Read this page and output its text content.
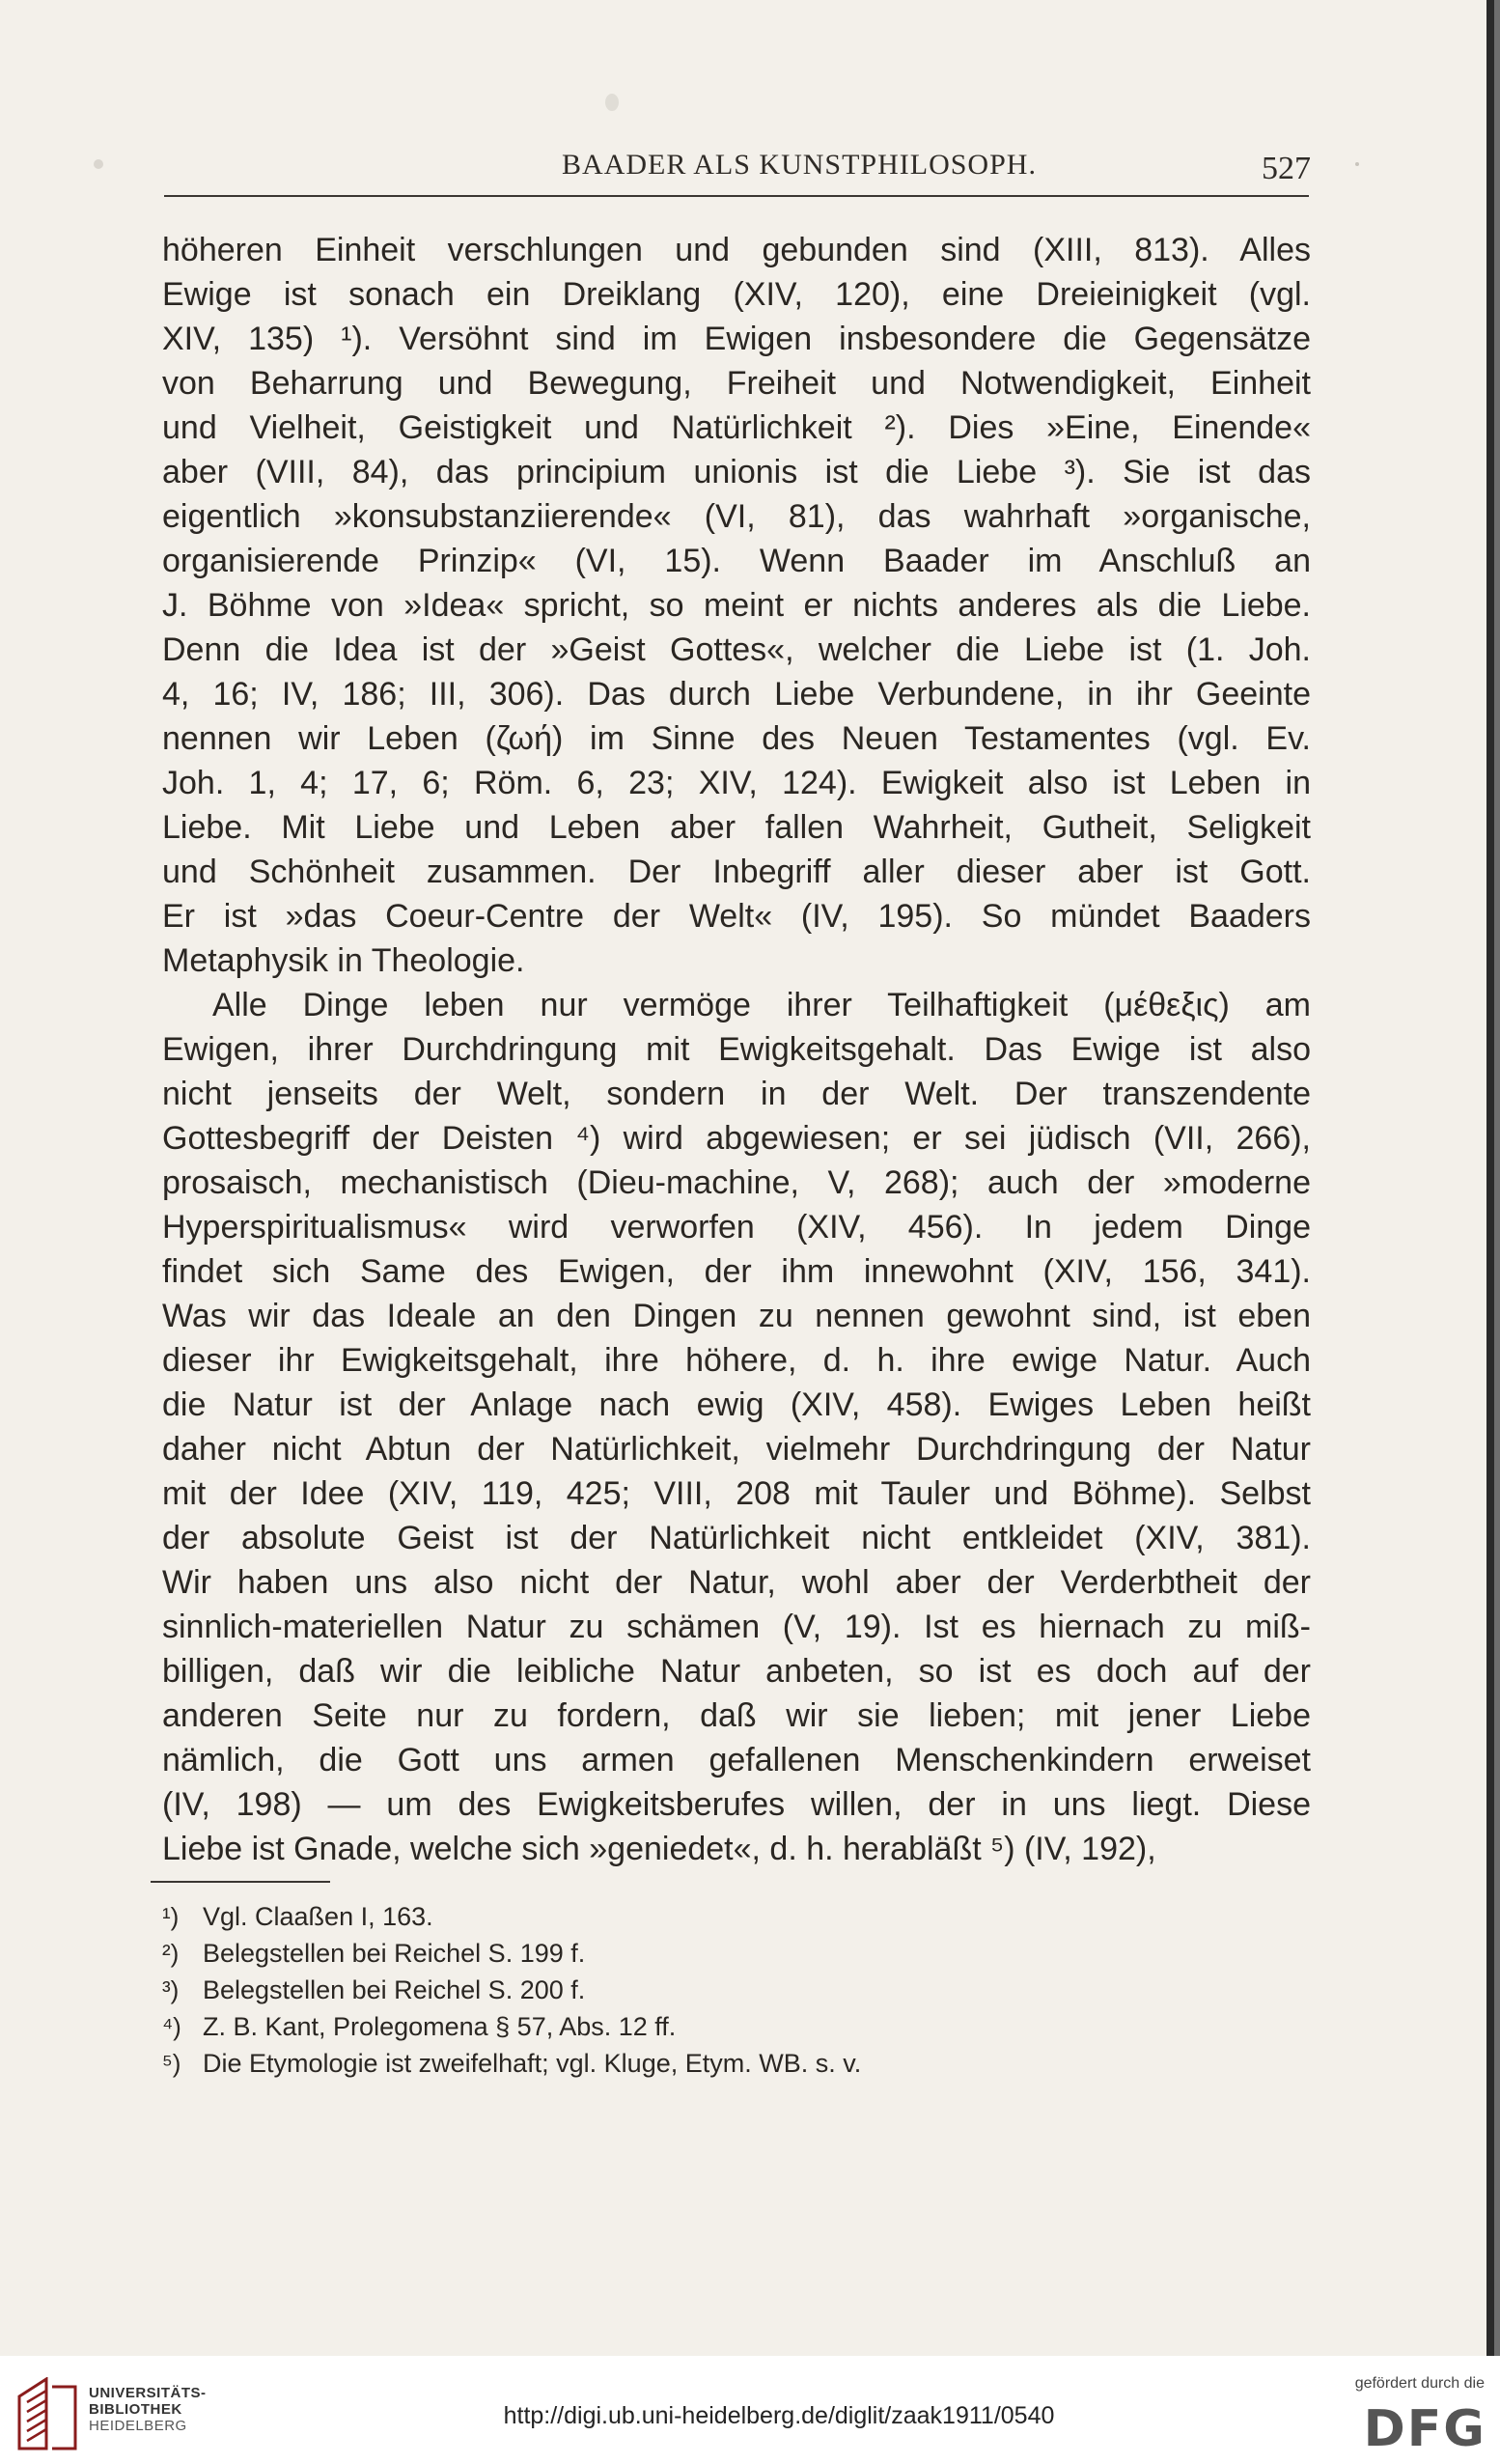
BAADER ALS KUNSTPHILOSOPH.	527
höheren Einheit verschlungen und gebunden sind (XIII, 813). Alles
Ewige ist sonach ein Dreiklang (XIV, 120), eine Dreieinigkeit (vgl.
XIV, 135) ¹). Versöhnt sind im Ewigen insbesondere die Gegensätze
von Beharrung und Bewegung, Freiheit und Notwendigkeit, Einheit
und Vielheit, Geistigkeit und Natürlichkeit ²). Dies »Eine, Einende«
aber (VIII, 84), das principium unionis ist die Liebe ³). Sie ist das
eigentlich »konsubstanziierende« (VI, 81), das wahrhaft »organische,
organisierende Prinzip« (VI, 15). Wenn Baader im Anschluß an
J. Böhme von »Idea« spricht, so meint er nichts anderes als die Liebe.
Denn die Idea ist der »Geist Gottes«, welcher die Liebe ist (1. Joh.
4, 16; IV, 186; III, 306). Das durch Liebe Verbundene, in ihr Geeinte
nennen wir Leben (ζωή) im Sinne des Neuen Testamentes (vgl. Ev.
Joh. 1, 4; 17, 6; Röm. 6, 23; XIV, 124). Ewigkeit also ist Leben in
Liebe. Mit Liebe und Leben aber fallen Wahrheit, Gutheit, Seligkeit
und Schönheit zusammen. Der Inbegriff aller dieser aber ist Gott.
Er ist »das Coeur-Centre der Welt« (IV, 195). So mündet Baaders
Metaphysik in Theologie.
Alle Dinge leben nur vermöge ihrer Teilhaftigkeit (μέθεξις) am
Ewigen, ihrer Durchdringung mit Ewigkeitsgehalt. Das Ewige ist also
nicht jenseits der Welt, sondern in der Welt. Der transzendente
Gottesbegriff der Deisten ⁴) wird abgewiesen; er sei jüdisch (VII, 266),
prosaisch, mechanistisch (Dieu-machine, V, 268); auch der »moderne
Hyperspiritualismus« wird verworfen (XIV, 456). In jedem Dinge
findet sich Same des Ewigen, der ihm innewohnt (XIV, 156, 341).
Was wir das Ideale an den Dingen zu nennen gewohnt sind, ist eben
dieser ihr Ewigkeitsgehalt, ihre höhere, d. h. ihre ewige Natur. Auch
die Natur ist der Anlage nach ewig (XIV, 458). Ewiges Leben heißt
daher nicht Abtun der Natürlichkeit, vielmehr Durchdringung der Natur
mit der Idee (XIV, 119, 425; VIII, 208 mit Tauler und Böhme). Selbst
der absolute Geist ist der Natürlichkeit nicht entkleidet (XIV, 381).
Wir haben uns also nicht der Natur, wohl aber der Verderbtheit der
sinnlich-materiellen Natur zu schämen (V, 19). Ist es hiernach zu miß-
billigen, daß wir die leibliche Natur anbeten, so ist es doch auf der
anderen Seite nur zu fordern, daß wir sie lieben; mit jener Liebe
nämlich, die Gott uns armen gefallenen Menschenkindern erweiset
(IV, 198) — um des Ewigkeitsberufes willen, der in uns liegt. Diese
Liebe ist Gnade, welche sich »geniedet«, d. h. herabläßt ⁵) (IV, 192),
¹) Vgl. Claaßen I, 163.
²) Belegstellen bei Reichel S. 199 f.
³) Belegstellen bei Reichel S. 200 f.
⁴) Z. B. Kant, Prolegomena § 57, Abs. 12 ff.
⁵) Die Etymologie ist zweifelhaft; vgl. Kluge, Etym. WB. s. v.
UNIVERSITÄTS-
BIBLIOTHEK
HEIDELBERG	http://digi.ub.uni-heidelberg.de/diglit/zaak1911/0540
gefördert durch die
DFG
